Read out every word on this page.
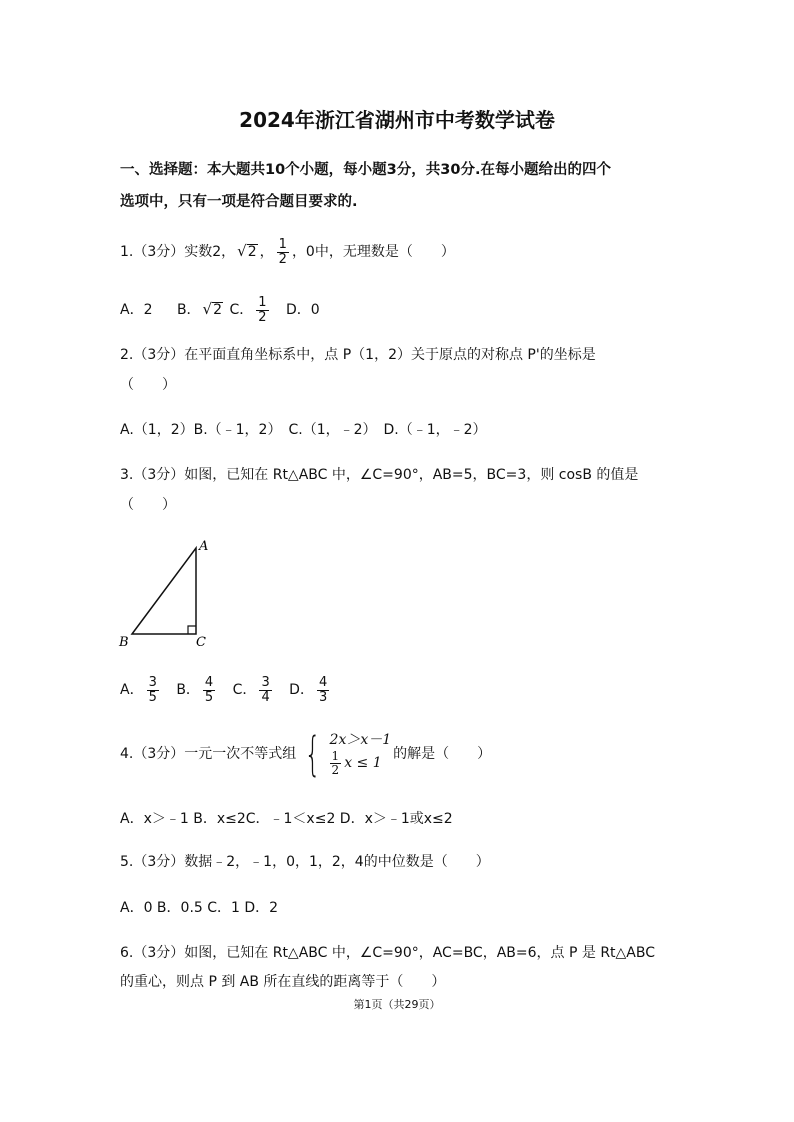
2024年浙江省湖州市中考数学试卷
一、选择题：本大题共10个小题，每小题3分，共30分.在每小题给出的四个
选项中，只有一项是符合题目要求的.
1.（3分）实数2， √ 2 ， $\frac{1}{2}$ ，0中，无理数是（　　）
A．2 B． √ 2 C． $\frac{1}{2}$ D．0
2.（3分）在平面直角坐标系中，点 P（1，2）关于原点的对称点 P'的坐标是
（　　）
A.（1，2）B.（﹣1，2）　C.（1，﹣2）　D.（﹣1，﹣2）
3.（3分）如图，已知在 Rt△ABC 中，∠C=90°，AB=5，BC=3，则 cosB 的值是
（　　）
A
B	C
A． $\frac{3}{5}$ B． $\frac{4}{5}$ C． $\frac{3}{4}$ D． $\frac{4}{3}$
4.（3分）一元一次不等式组 { 2x＞x－1
$\frac{1}{2}$ x ≤ 1
的解是（　　）
A．x＞﹣1 B．x≤2C．﹣1＜x≤2 D．x＞﹣1或x≤2
5.（3分）数据﹣2，﹣1，0，1，2，4的中位数是（　　）
A．0 B．0.5 C．1 D．2
6.（3分）如图，已知在 Rt△ABC 中，∠C=90°，AC=BC，AB=6，点 P 是 Rt△ABC
的重心，则点 P 到 AB 所在直线的距离等于（　　）
第1页（共29页）
